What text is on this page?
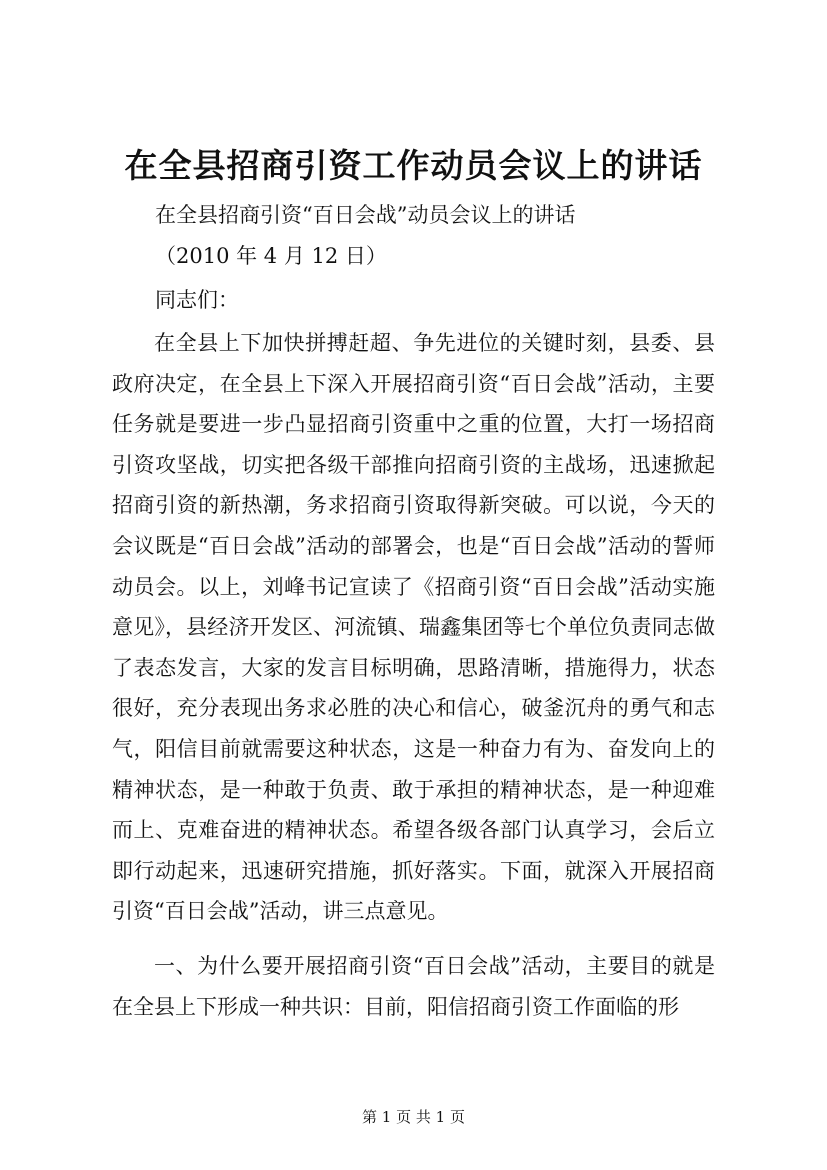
在全县招商引资工作动员会议上的讲话

在全县招商引资“百日会战”动员会议上的讲话

（2010 年 4 月 12 日）

同志们：

在全县上下加快拼搏赶超、争先进位的关键时刻，县委、县政府决定，在全县上下深入开展招商引资“百日会战”活动，主要任务就是要进一步凸显招商引资重中之重的位置，大打一场招商引资攻坚战，切实把各级干部推向招商引资的主战场，迅速掀起招商引资的新热潮，务求招商引资取得新突破。可以说，今天的会议既是“百日会战”活动的部署会，也是“百日会战”活动的誓师动员会。以上，刘峰书记宣读了《招商引资“百日会战”活动实施意见》，县经济开发区、河流镇、瑞鑫集团等七个单位负责同志做了表态发言，大家的发言目标明确，思路清晰，措施得力，状态很好，充分表现出务求必胜的决心和信心，破釜沉舟的勇气和志气，阳信目前就需要这种状态，这是一种奋力有为、奋发向上的精神状态，是一种敢于负责、敢于承担的精神状态，是一种迎难而上、克难奋进的精神状态。希望各级各部门认真学习，会后立即行动起来，迅速研究措施，抓好落实。下面，就深入开展招商引资“百日会战”活动，讲三点意见。

一、为什么要开展招商引资“百日会战”活动，主要目的就是在全县上下形成一种共识：目前，阳信招商引资工作面临的形

第 1 页 共 1 页
